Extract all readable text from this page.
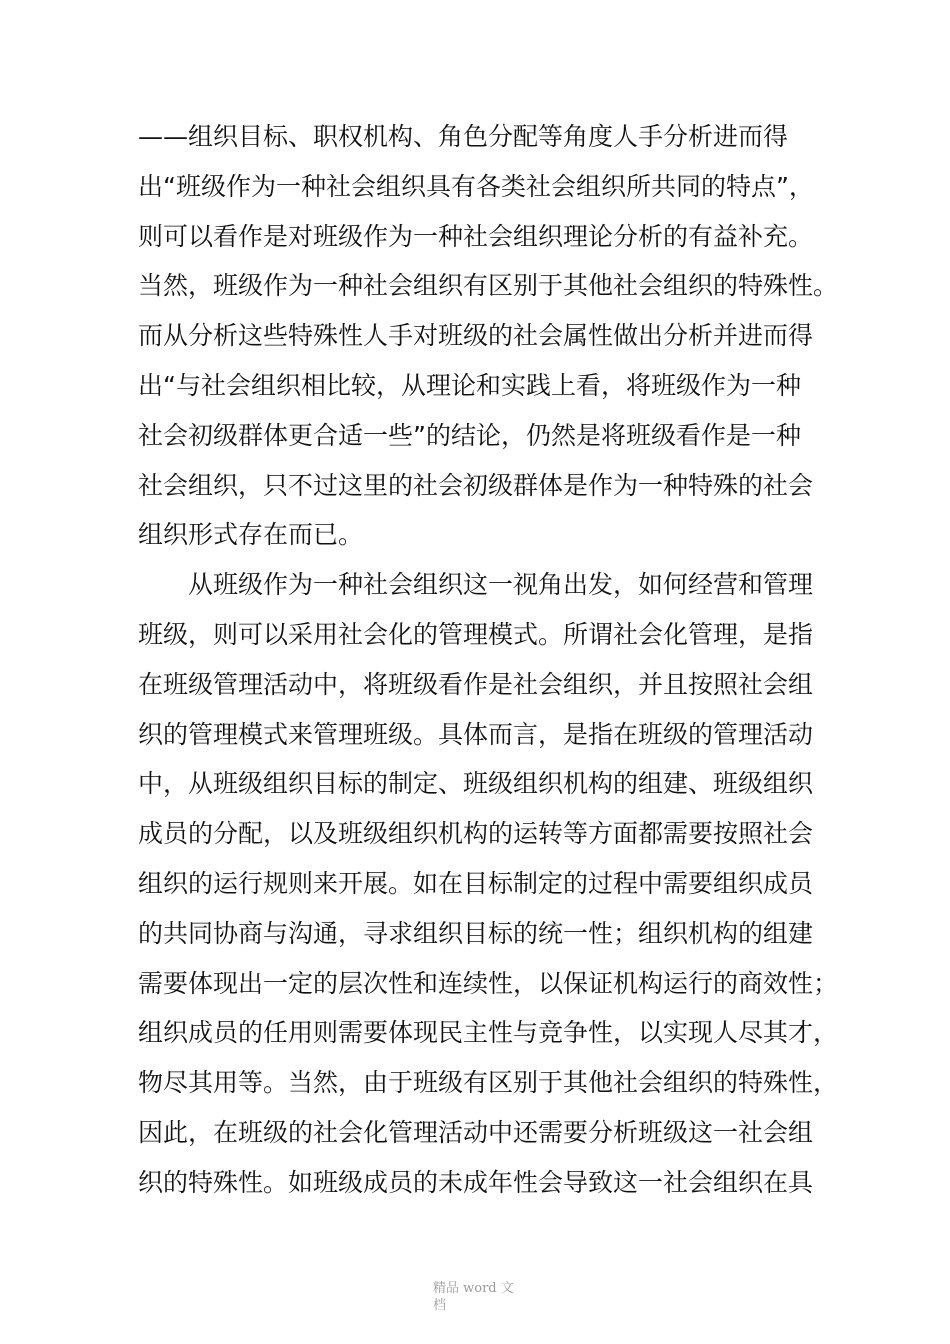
——组织目标、职权机构、角色分配等角度人手分析进而得
出“班级作为一种社会组织具有各类社会组织所共同的特点”，
则可以看作是对班级作为一种社会组织理论分析的有益补充。
当然，班级作为一种社会组织有区别于其他社会组织的特殊性。
而从分析这些特殊性人手对班级的社会属性做出分析并进而得
出“与社会组织相比较，从理论和实践上看，将班级作为一种
社会初级群体更合适一些”的结论，仍然是将班级看作是一种
社会组织，只不过这里的社会初级群体是作为一种特殊的社会
组织形式存在而已。
从班级作为一种社会组织这一视角出发，如何经营和管理
班级，则可以采用社会化的管理模式。所谓社会化管理，是指
在班级管理活动中，将班级看作是社会组织，并且按照社会组
织的管理模式来管理班级。具体而言，是指在班级的管理活动
中，从班级组织目标的制定、班级组织机构的组建、班级组织
成员的分配，以及班级组织机构的运转等方面都需要按照社会
组织的运行规则来开展。如在目标制定的过程中需要组织成员
的共同协商与沟通，寻求组织目标的统一性；组织机构的组建
需要体现出一定的层次性和连续性，以保证机构运行的商效性；
组织成员的任用则需要体现民主性与竞争性，以实现人尽其才，
物尽其用等。当然，由于班级有区别于其他社会组织的特殊性，
因此，在班级的社会化管理活动中还需要分析班级这一社会组
织的特殊性。如班级成员的未成年性会导致这一社会组织在具
精品 word 文
档
